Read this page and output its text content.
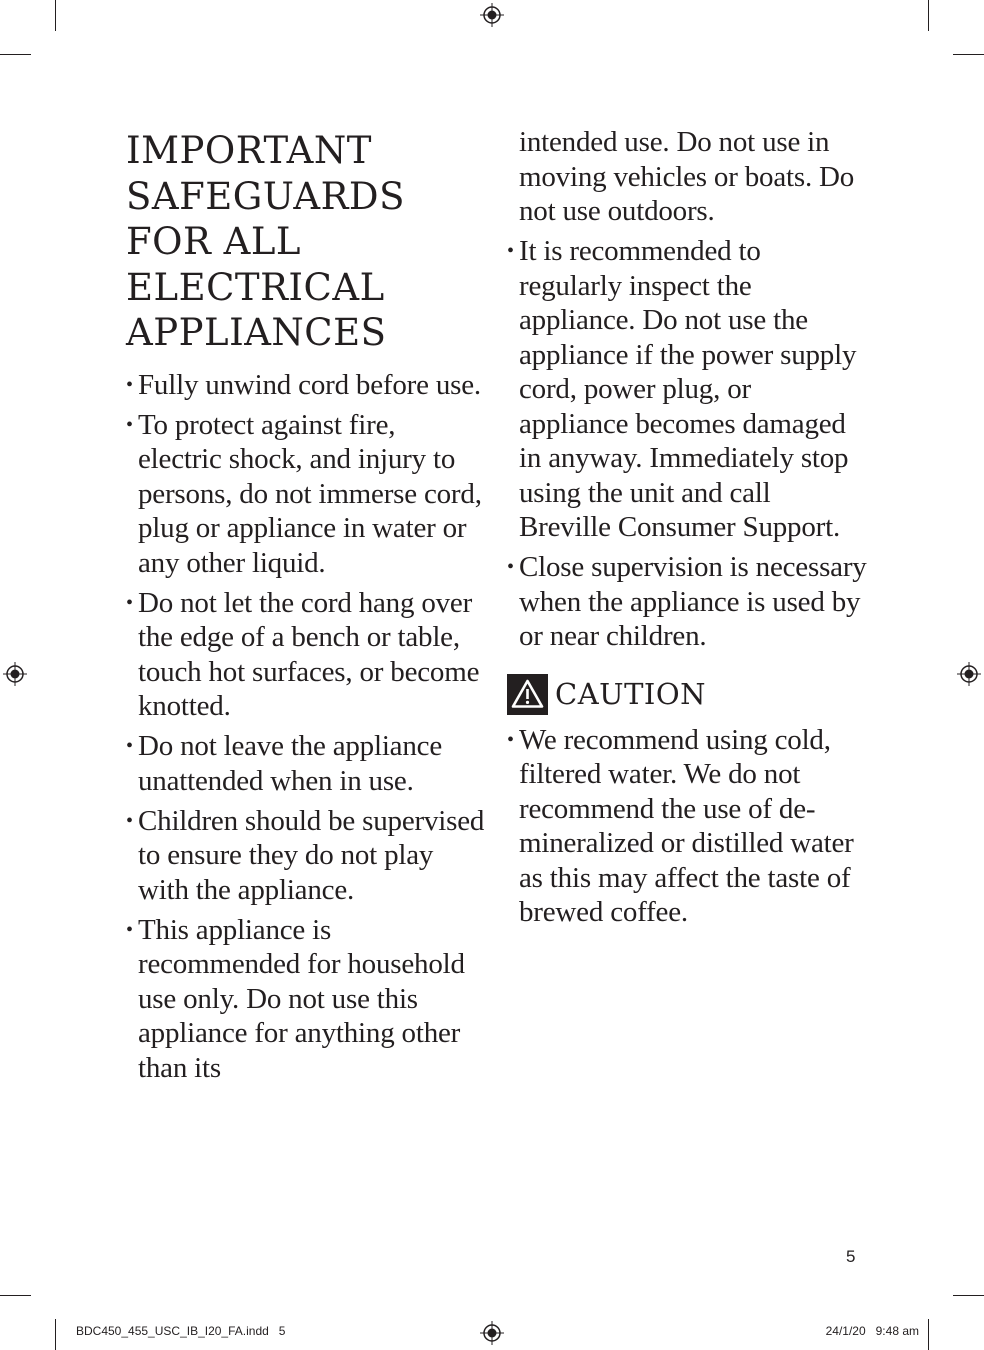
IMPORTANT
SAFEGUARDS
FOR ALL
ELECTRICAL
APPLIANCES
• Fully unwind cord before use.
• To protect against fire, electric shock, and injury to persons, do not immerse cord, plug or appliance in water or any other liquid.
• Do not let the cord hang over the edge of a bench or table, touch hot surfaces, or become knotted.
• Do not leave the appliance unattended when in use.
• Children should be supervised to ensure they do not play with the appliance.
• This appliance is recommended for household use only. Do not use this appliance for anything other than its
intended use. Do not use in moving vehicles or boats. Do not use outdoors.
• It is recommended to regularly inspect the appliance. Do not use the appliance if the power supply cord, power plug, or appliance becomes damaged in anyway. Immediately stop using the unit and call Breville Consumer Support.
• Close supervision is necessary when the appliance is used by or near children.
CAUTION
• We recommend using cold, filtered water. We do not recommend the use of de-mineralized or distilled water as this may affect the taste of brewed coffee.
5
BDC450_455_USC_IB_I20_FA.indd   5	24/1/20   9:48 am
